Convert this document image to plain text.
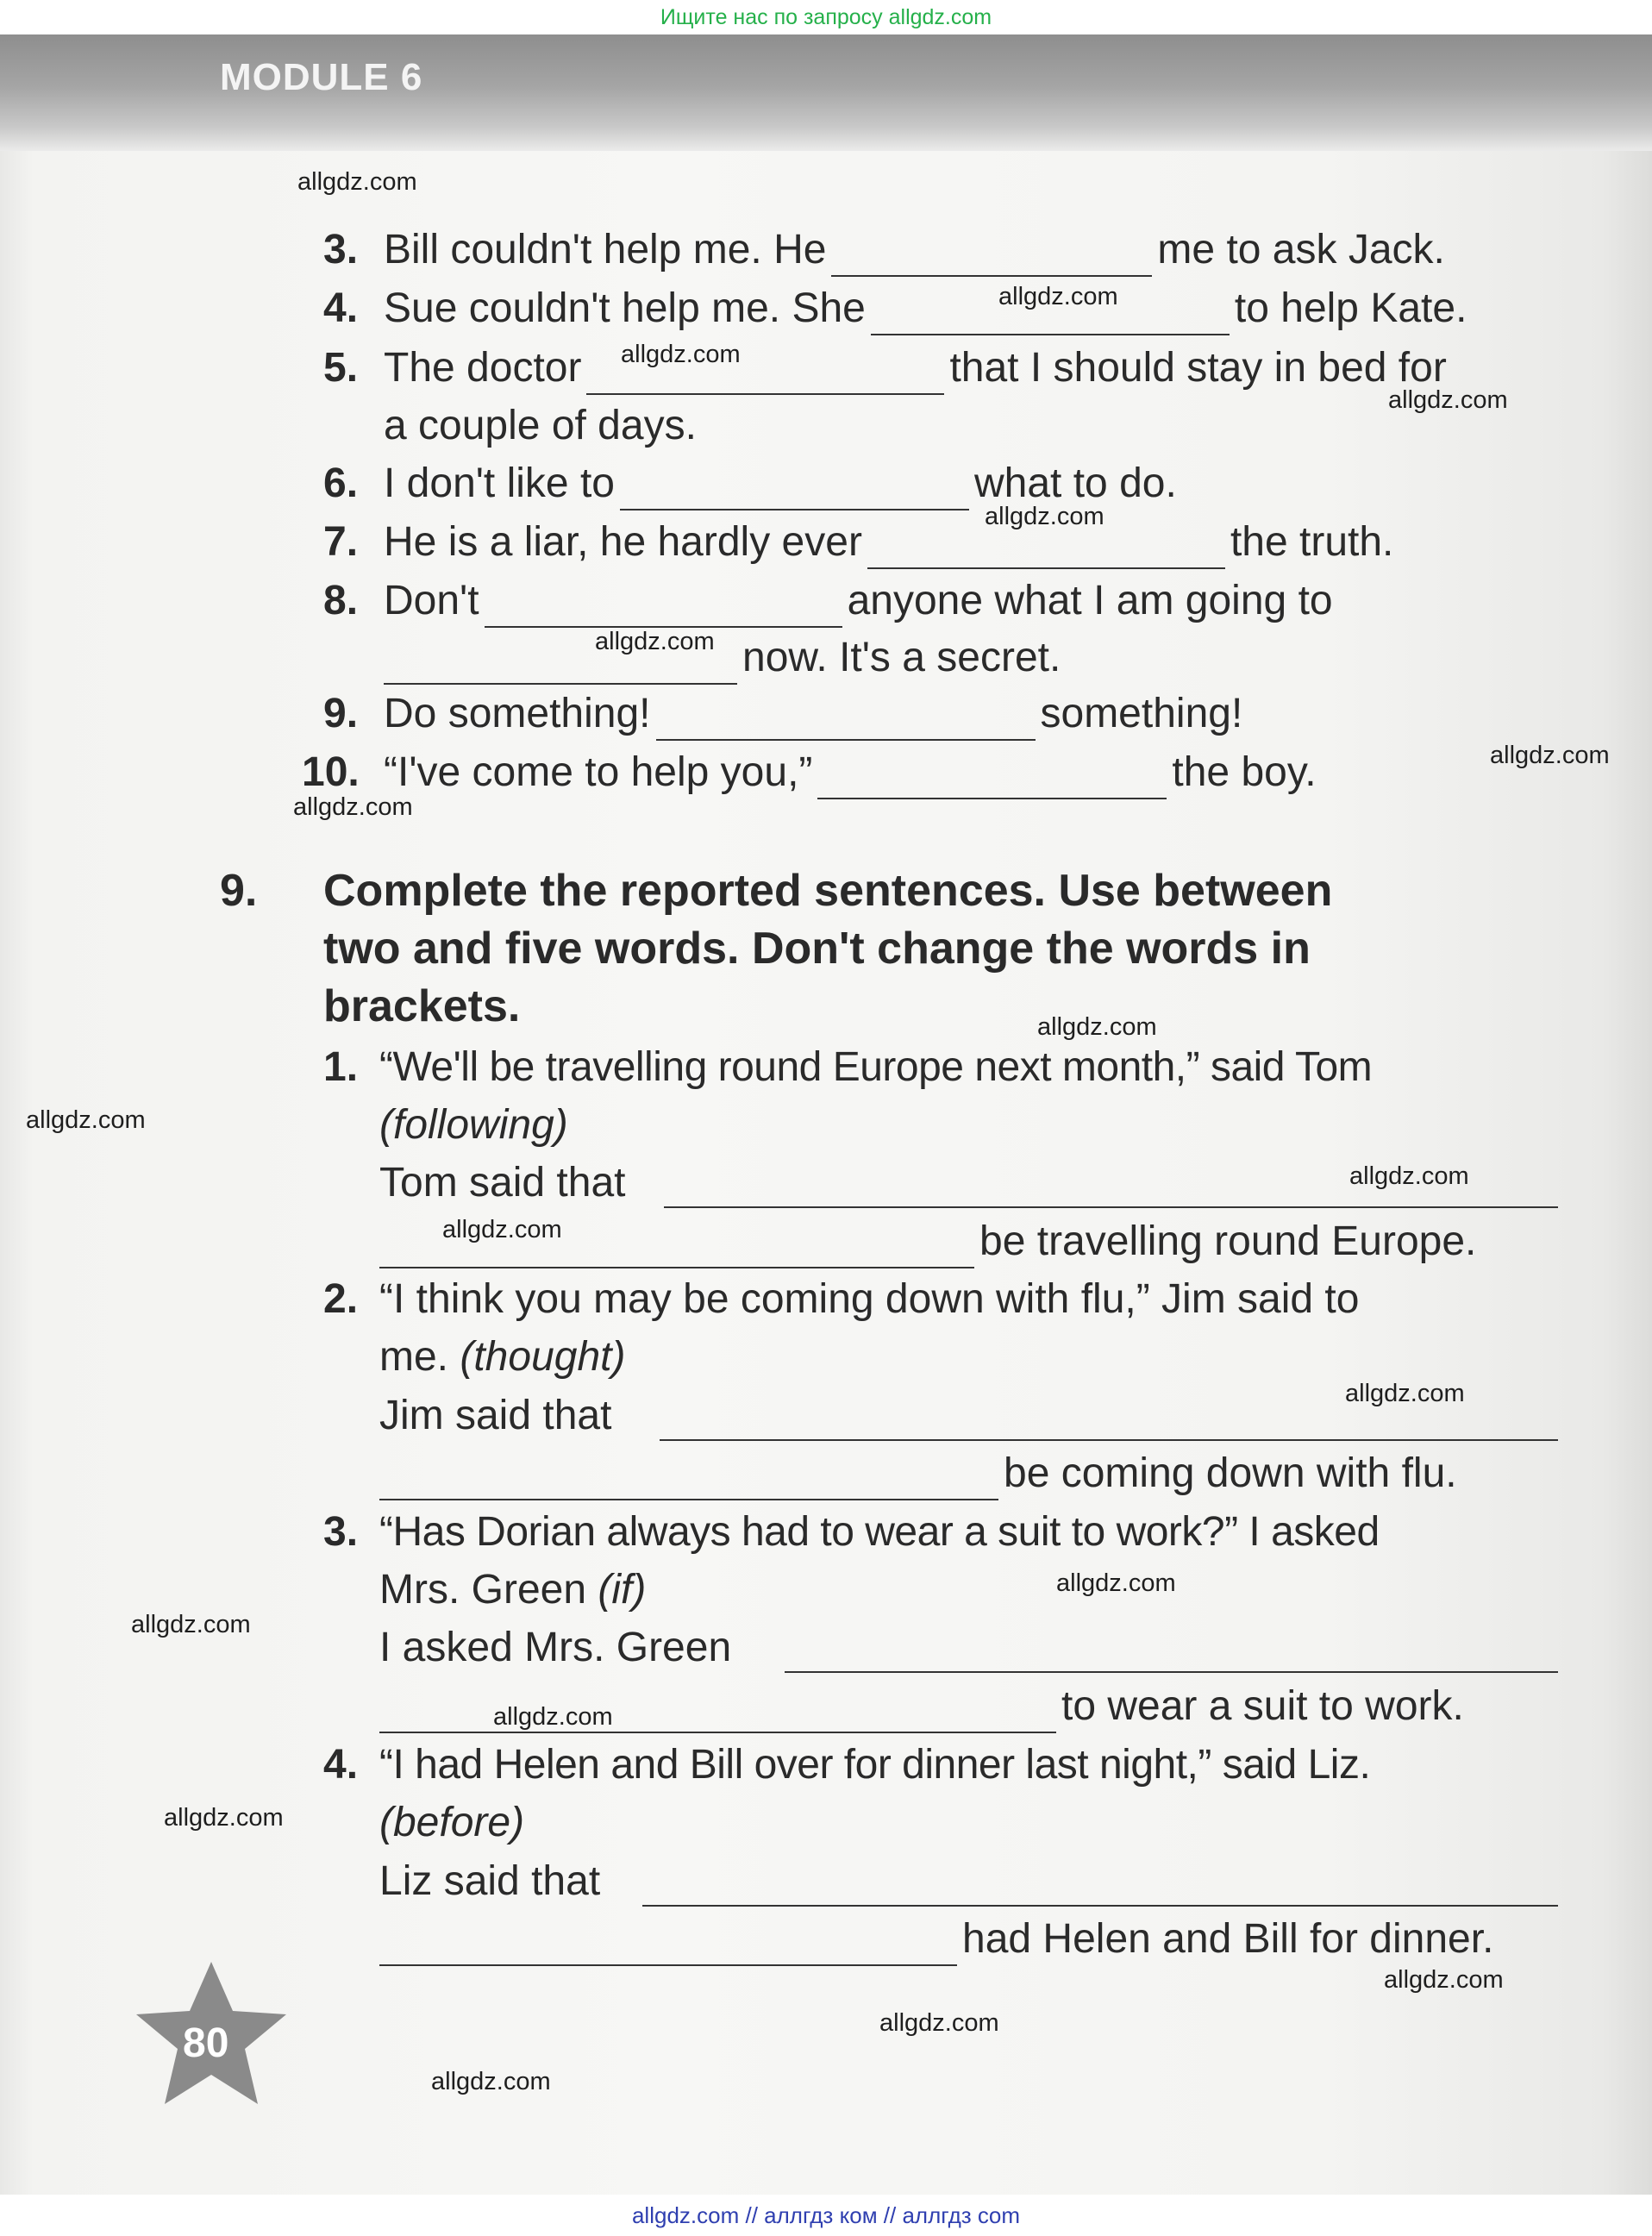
Ищите нас по запросу allgdz.com
MODULE 6
3. Bill couldn't help me. He	me to ask Jack.
4. Sue couldn't help me. She	to help Kate.
5. The doctor	that I should stay in bed for
a couple of days.
6. I don't like to	what to do.
7. He is a liar, he hardly ever	the truth.
8. Don't	anyone what I am going to
now. It's a secret.
9. Do something!	something!
10. “I've come to help you,”	the boy.
9. Complete the reported sentences. Use between
two and five words. Don't change the words in
brackets.
1. “We'll be travelling round Europe next month,” said Tom
(following)
Tom said that
be travelling round Europe.
2. “I think you may be coming down with flu,” Jim said to
me. (thought)
Jim said that
be coming down with flu.
3. “Has Dorian always had to wear a suit to work?” I asked
Mrs. Green (if)
I asked Mrs. Green
to wear a suit to work.
4. “I had Helen and Bill over for dinner last night,” said Liz.
(before)
Liz said that
had Helen and Bill for dinner.
80
allgdz.com
allgdz.com
allgdz.com
allgdz.com
allgdz.com
allgdz.com
allgdz.com
allgdz.com
allgdz.com
allgdz.com
allgdz.com
allgdz.com
allgdz.com
allgdz.com
allgdz.com
allgdz.com
allgdz.com
allgdz.com
allgdz.com
allgdz.com
allgdz.com // аллгдз ком // аллгдз com
